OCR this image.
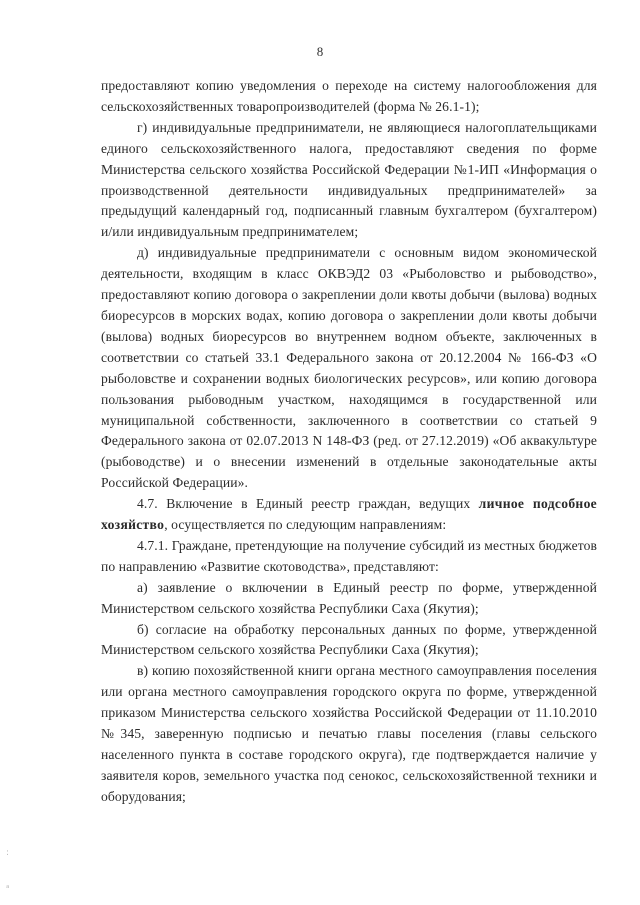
8

предоставляют копию уведомления о переходе на систему налогообложения для сельскохозяйственных товаропроизводителей (форма № 26.1-1);

г) индивидуальные предприниматели, не являющиеся налогоплательщиками единого сельскохозяйственного налога, предоставляют сведения по форме Министерства сельского хозяйства Российской Федерации №1-ИП «Информация о производственной деятельности индивидуальных предпринимателей» за предыдущий календарный год, подписанный главным бухгалтером (бухгалтером) и/или индивидуальным предпринимателем;

д) индивидуальные предприниматели с основным видом экономической деятельности, входящим в класс ОКВЭД2 03 «Рыболовство и рыбоводство», предоставляют копию договора о закреплении доли квоты добычи (вылова) водных биоресурсов в морских водах, копию договора о закреплении доли квоты добычи (вылова) водных биоресурсов во внутреннем водном объекте, заключенных в соответствии со статьей 33.1 Федерального закона от 20.12.2004 № 166-ФЗ «О рыболовстве и сохранении водных биологических ресурсов», или копию договора пользования рыбоводным участком, находящимся в государственной или муниципальной собственности, заключенного в соответствии со статьей 9 Федерального закона от 02.07.2013 N 148-ФЗ (ред. от 27.12.2019) «Об аквакультуре (рыбоводстве) и о внесении изменений в отдельные законодательные акты Российской Федерации».

4.7. Включение в Единый реестр граждан, ведущих личное подсобное хозяйство, осуществляется по следующим направлениям:

4.7.1. Граждане, претендующие на получение субсидий из местных бюджетов по направлению «Развитие скотоводства», представляют:

а) заявление о включении в Единый реестр по форме, утвержденной Министерством сельского хозяйства Республики Саха (Якутия);

б) согласие на обработку персональных данных по форме, утвержденной Министерством сельского хозяйства Республики Саха (Якутия);

в) копию похозяйственной книги органа местного самоуправления поселения или органа местного самоуправления городского округа по форме, утвержденной приказом Министерства сельского хозяйства Российской Федерации от 11.10.2010 №345, заверенную подписью и печатью главы поселения (главы сельского населенного пункта в составе городского округа), где подтверждается наличие у заявителя коров, земельного участка под сенокос, сельскохозяйственной техники и оборудования;

:
ᵃ
